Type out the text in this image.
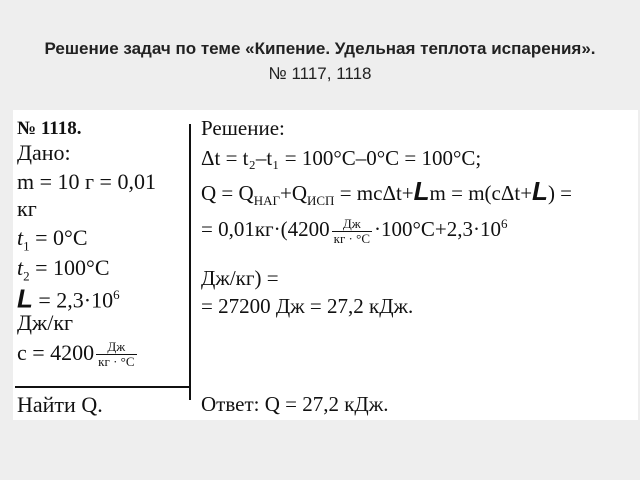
Решение задач по теме «Кипение. Удельная теплота испарения». № 1117, 1118
№ 1118.
Дано:
m = 10 г = 0,01
кг
$t_1 = 0^\circ C$
$t_2 = 100^\circ C$
$L = 2,3\cdot 10^6$
Дж/кг
$c = 4200 \frac{Дж}{кг \cdot ^\circ C}$
Найти Q.
Решение:
Δt = t₂–t₁ = 100°C–0°C = 100°C;
$Q = Q_{НАГ}+Q_{ИСП} = mc\Delta t+Lm = m(c\Delta t+L)$ =
= $0,01кг\cdot(4200 \frac{Дж}{кг \cdot ^\circ C} \cdot 100^\circ C+2,3\cdot 10^6$
Дж/кг) =
= 27200 Дж = 27,2 кДж.
Ответ: Q = 27,2 кДж.
